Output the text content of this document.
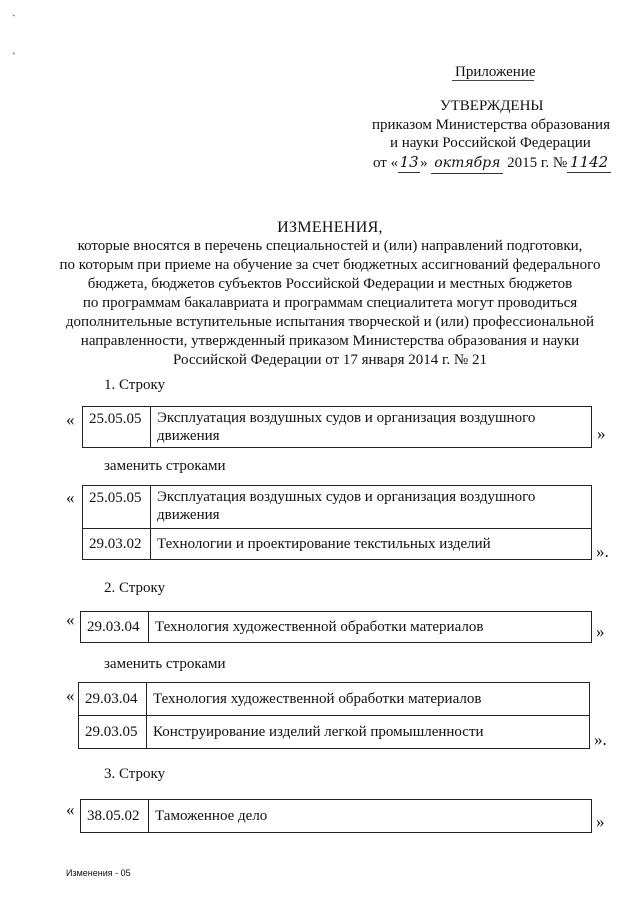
`
`
Приложение
УТВЕРЖДЕНЫ
приказом Министерства образования
и науки Российской Федерации
от «13» октября 2015 г. № 1142
ИЗМЕНЕНИЯ,
которые вносятся в перечень специальностей и (или) направлений подготовки,
по которым при приеме на обучение за счет бюджетных ассигнований федерального
бюджета, бюджетов субъектов Российской Федерации и местных бюджетов
по программам бакалавриата и программам специалитета могут проводиться
дополнительные вступительные испытания творческой и (или) профессиональной
направленности, утвержденный приказом Министерства образования и науки
Российской Федерации от 17 января 2014 г. № 21
1. Строку
« 25.05.05	Эксплуатация воздушных судов и организация воздушного движения	»
заменить строками
« 25.05.05	Эксплуатация воздушных судов и организация воздушного движения
29.03.02	Технологии и проектирование текстильных изделий	».
2. Строку
« 29.03.04	Технология художественной обработки материалов	»
заменить строками
« 29.03.04	Технология художественной обработки материалов
29.03.05	Конструирование изделий легкой промышленности	».
3. Строку
« 38.05.02	Таможенное дело	»
Изменения - 05
